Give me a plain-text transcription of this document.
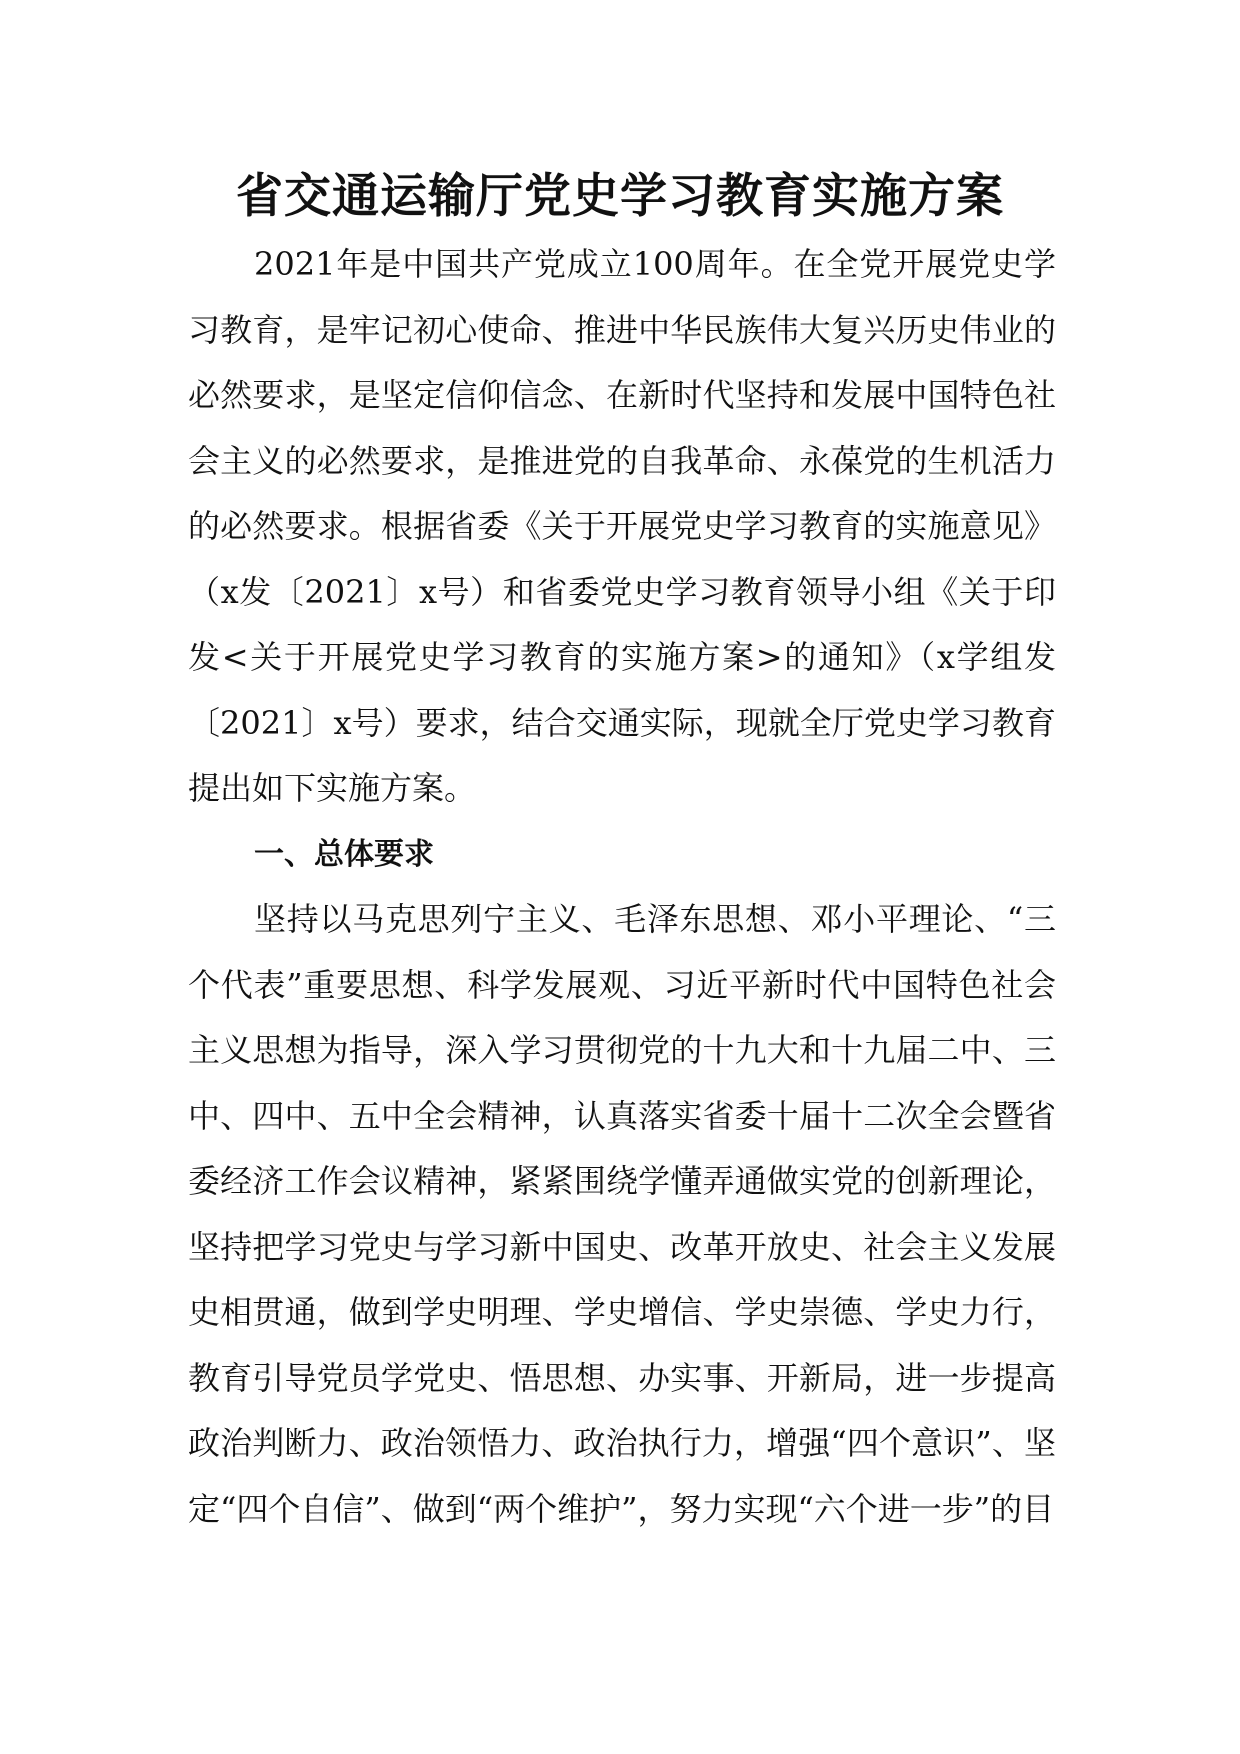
省交通运输厅党史学习教育实施方案

2021年是中国共产党成立100周年。在全党开展党史学习教育，是牢记初心使命、推进中华民族伟大复兴历史伟业的必然要求，是坚定信仰信念、在新时代坚持和发展中国特色社会主义的必然要求，是推进党的自我革命、永葆党的生机活力的必然要求。根据省委《关于开展党史学习教育的实施意见》（x发〔2021〕x号）和省委党史学习教育领导小组《关于印发<关于开展党史学习教育的实施方案>的通知》（x学组发〔2021〕x号）要求，结合交通实际，现就全厅党史学习教育提出如下实施方案。

一、总体要求

坚持以马克思列宁主义、毛泽东思想、邓小平理论、“三个代表”重要思想、科学发展观、习近平新时代中国特色社会主义思想为指导，深入学习贯彻党的十九大和十九届二中、三中、四中、五中全会精神，认真落实省委十届十二次全会暨省委经济工作会议精神，紧紧围绕学懂弄通做实党的创新理论，坚持把学习党史与学习新中国史、改革开放史、社会主义发展史相贯通，做到学史明理、学史增信、学史崇德、学史力行，教育引导党员学党史、悟思想、办实事、开新局，进一步提高政治判断力、政治领悟力、政治执行力，增强“四个意识”、坚定“四个自信”、做到“两个维护”，努力实现“六个进一步”的目
